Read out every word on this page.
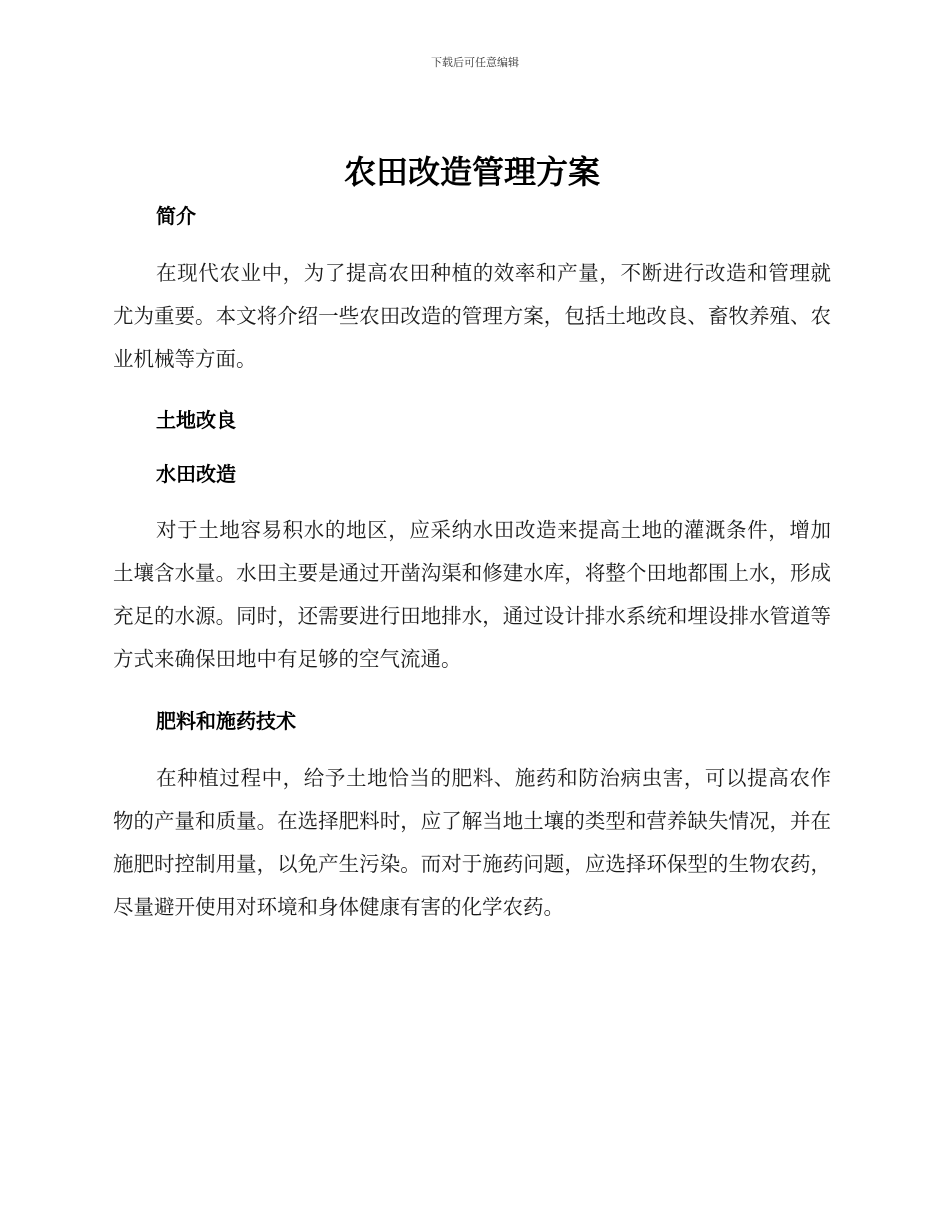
下载后可任意编辑
农田改造管理方案
简介

在现代农业中，为了提高农田种植的效率和产量，不断进行改造和管理就尤为重要。本文将介绍一些农田改造的管理方案，包括土地改良、畜牧养殖、农业机械等方面。

土地改良
水田改造

对于土地容易积水的地区，应采纳水田改造来提高土地的灌溉条件，增加土壤含水量。水田主要是通过开凿沟渠和修建水库，将整个田地都围上水，形成充足的水源。同时，还需要进行田地排水，通过设计排水系统和埋设排水管道等方式来确保田地中有足够的空气流通。

肥料和施药技术

在种植过程中，给予土地恰当的肥料、施药和防治病虫害，可以提高农作物的产量和质量。在选择肥料时，应了解当地土壤的类型和营养缺失情况，并在施肥时控制用量，以免产生污染。而对于施药问题，应选择环保型的生物农药，尽量避开使用对环境和身体健康有害的化学农药。
